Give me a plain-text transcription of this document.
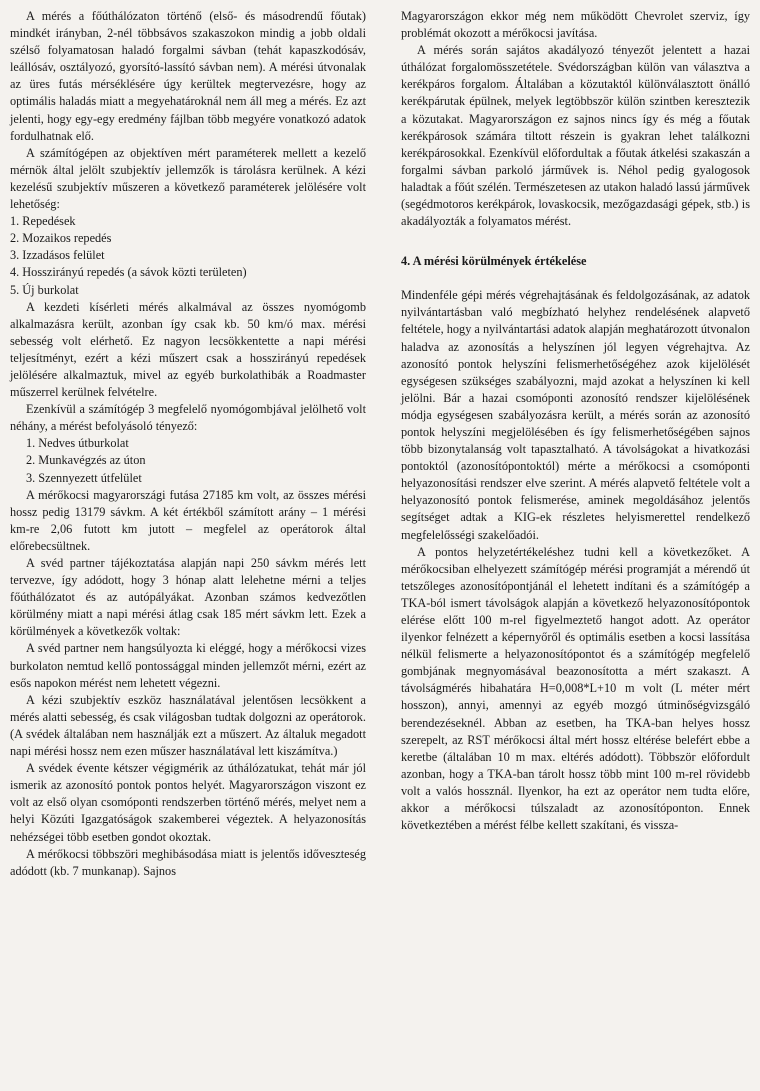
A mérés a főúthálózaton történő (első- és másodrendű főutak) mindkét irányban, 2-nél többsávos szakaszokon mindig a jobb oldali szélső folyamatosan haladó forgalmi sávban (tehát kapaszkodósáv, leállósáv, osztályozó, gyorsító-lassító sávban nem). A mérési útvonalak az üres futás mérséklésére úgy kerültek megtervezésre, hogy az optimális haladás miatt a megyehatároknál nem áll meg a mérés. Ez azt jelenti, hogy egy-egy eredmény fájlban több megyére vonatkozó adatok fordulhatnak elő.

A számítógépen az objektíven mért paraméterek mellett a kezelő mérnök által jelölt szubjektív jellemzők is tárolásra kerülnek. A kézi kezelésű szubjektív műszeren a következő paraméterek jelölésére volt lehetőség:

1. Repedések
2. Mozaikos repedés
3. Izzadásos felület
4. Hosszirányú repedés (a sávok közti területen)
5. Új burkolat

A kezdeti kísérleti mérés alkalmával az összes nyomógomb alkalmazásra került, azonban így csak kb. 50 km/ó max. mérési sebesség volt elérhető. Ez nagyon lecsökkentette a napi mérési teljesítményt, ezért a kézi műszert csak a hosszirányú repedések jelölésére alkalmaztuk, mivel az egyéb burkolathibák a Roadmaster műszerrel kerülnek felvételre.

Ezenkívül a számítógép 3 megfelelő nyomógombjával jelölhető volt néhány, a mérést befolyásoló tényező:

1. Nedves útburkolat
2. Munkavégzés az úton
3. Szennyezett útfelület

A mérőkocsi magyarországi futása 27185 km volt, az összes mérési hossz pedig 13179 sávkm. A két értékből számított arány – 1 mérési km-re 2,06 futott km jutott – megfelel az operátorok által előrebecsültnek.

A svéd partner tájékoztatása alapján napi 250 sávkm mérés lett tervezve, így adódott, hogy 3 hónap alatt lelehetne mérni a teljes főúthálózatot és az autópályákat. Azonban számos kedvezőtlen körülmény miatt a napi mérési átlag csak 185 mért sávkm lett. Ezek a körülmények a következők voltak:

A svéd partner nem hangsúlyozta ki eléggé, hogy a mérőkocsi vizes burkolaton nemtud kellő pontossággal minden jellemzőt mérni, ezért az esős napokon mérést nem lehetett végezni.

A kézi szubjektív eszköz használatával jelentősen lecsökkent a mérés alatti sebesség, és csak világosban tudtak dolgozni az operátorok. (A svédek általában nem használják ezt a műszert. Az általuk megadott napi mérési hossz nem ezen műszer használatával lett kiszámítva.)

A svédek évente kétszer végigmérik az úthálózatukat, tehát már jól ismerik az azonosító pontok pontos helyét. Magyarországon viszont ez volt az első olyan csomóponti rendszerben történő mérés, melyet nem a helyi Közúti Igazgatóságok szakemberei végeztek. A helyazonosítás nehézségei több esetben gondot okoztak.

A mérőkocsi többszöri meghibásodása miatt is jelentős időveszteség adódott (kb. 7 munkanap). Sajnos

Magyarországon ekkor még nem működött Chevrolet szerviz, így problémát okozott a mérőkocsi javítása.

A mérés során sajátos akadályozó tényezőt jelentett a hazai úthálózat forgalomösszetétele. Svédországban külön van választva a kerékpáros forgalom. Általában a közutaktól különválasztott önálló kerékpárutak épülnek, melyek legtöbbször külön szintben keresztezik a közutakat. Magyarországon ez sajnos nincs így és még a főutak kerékpárosok számára tiltott részein is gyakran lehet találkozni kerékpárosokkal. Ezenkívül előfordultak a főutak átkelési szakaszán a forgalmi sávban parkoló járművek is. Néhol pedig gyalogosok haladtak a főút szélén. Természetesen az utakon haladó lassú járművek (segédmotoros kerékpárok, lovaskocsik, mezőgazdasági gépek, stb.) is akadályozták a folyamatos mérést.

4. A mérési körülmények értékelése

Mindenféle gépi mérés végrehajtásának és feldolgozásának, az adatok nyilvántartásban való megbízható helyhez rendelésének alapvető feltétele, hogy a nyilvántartási adatok alapján meghatározott útvonalon haladva az azonosítás a helyszínen jól legyen végrehajtva. Az azonosító pontok helyszíni felismerhetőségéhez azok kijelölését egységesen szükséges szabályozni, majd azokat a helyszínen ki kell jelölni. Bár a hazai csomóponti azonosító rendszer kijelölésének módja egységesen szabályozásra került, a mérés során az azonosító pontok helyszíni megjelölésében és így felismerhetőségében sajnos több bizonytalanság volt tapasztalható. A távolságokat a hivatkozási pontoktól (azonosítópontoktól) mérte a mérőkocsi a csomóponti helyazonosítási rendszer elve szerint. A mérés alapvető feltétele volt a helyazonosító pontok felismerése, aminek megoldásához jelentős segítséget adtak a KIG-ek részletes helyismerettel rendelkező megfelelősségi szakelőadói.

A pontos helyzetértékeléshez tudni kell a következőket. A mérőkocsiban elhelyezett számítógép mérési programját a mérendő út tetszőleges azonosítópontjánál el lehetett indítani és a számítógép a TKA-ból ismert távolságok alapján a következő helyazonosítópontok elérése előtt 100 m-rel figyelmeztető hangot adott. Az operátor ilyenkor felnézett a képernyőről és optimális esetben a kocsi lassítása nélkül felismerte a helyazonosítópontot és a számítógép megfelelő gombjának megnyomásával beazonosította a mért szakaszt. A távolságmérés hibahatára H=0,008*L+10 m volt (L méter mért hosszon), annyi, amennyi az egyéb mozgó útminőségvizsgáló berendezéseknél. Abban az esetben, ha TKA-ban helyes hossz szerepelt, az RST mérőkocsi által mért hossz eltérése belefért ebbe a keretbe (általában 10 m max. eltérés adódott). Többször előfordult azonban, hogy a TKA-ban tárolt hossz több mint 100 m-rel rövidebb volt a valós hossznál. Ilyenkor, ha ezt az operátor nem tudta előre, akkor a mérőkocsi túlszaladt az azonosítóponton. Ennek következtében a mérést félbe kellett szakítani, és vissza-
